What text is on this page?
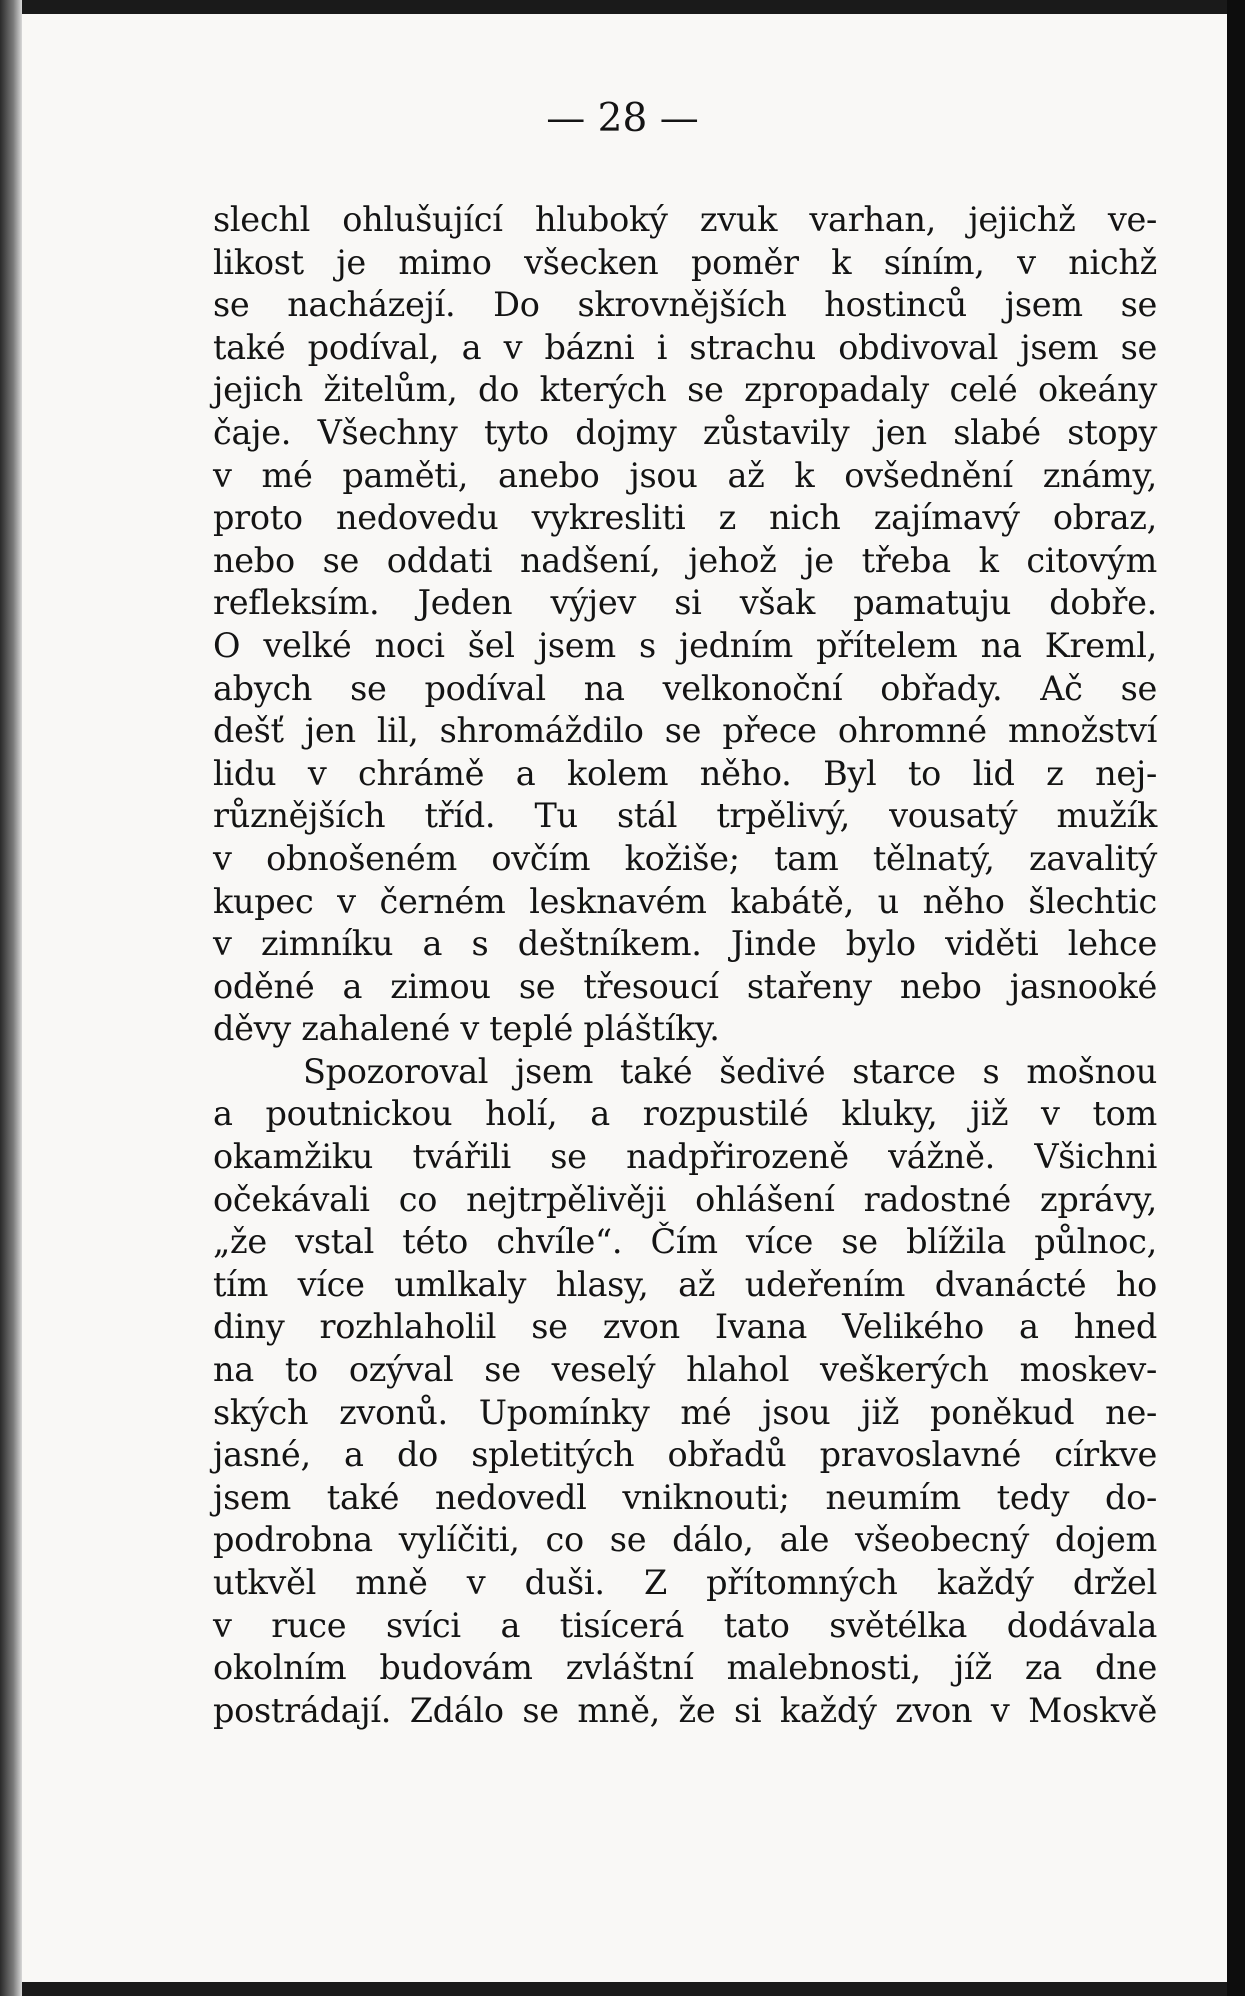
— 28 —
slechl ohlušující hluboký zvuk varhan, jejichž ve-
likost je mimo všecken poměr k síním, v nichž
se nacházejí. Do skrovnějších hostinců jsem se
také podíval, a v bázni i strachu obdivoval jsem se
jejich žitelům, do kterých se zpropadaly celé okeány
čaje. Všechny tyto dojmy zůstavily jen slabé stopy
v mé paměti, anebo jsou až k ovšednění známy,
proto nedovedu vykresliti z nich zajímavý obraz,
nebo se oddati nadšení, jehož je třeba k citovým
refleksím. Jeden výjev si však pamatuju dobře.
O velké noci šel jsem s jedním přítelem na Kreml,
abych se podíval na velkonoční obřady. Ač se
dešť jen lil, shromáždilo se přece ohromné množství
lidu v chrámě a kolem něho. Byl to lid z nej-
různějších tříd. Tu stál trpělivý, vousatý mužík
v obnošeném ovčím kožiše; tam tělnatý, zavalitý
kupec v černém lesknavém kabátě, u něho šlechtic
v zimníku a s deštníkem. Jinde bylo viděti lehce
oděné a zimou se třesoucí stařeny nebo jasnooké
děvy zahalené v teplé pláštíky.
Spozoroval jsem také šedivé starce s mošnou
a poutnickou holí, a rozpustilé kluky, již v tom
okamžiku tvářili se nadpřirozeně vážně. Všichni
očekávali co nejtrpělivěji ohlášení radostné zprávy,
„že vstal této chvíle“. Čím více se blížila půlnoc,
tím více umlkaly hlasy, až udeřením dvanácté ho
diny rozhlaholil se zvon Ivana Velikého a hned
na to ozýval se veselý hlahol veškerých moskev-
ských zvonů. Upomínky mé jsou již poněkud ne-
jasné, a do spletitých obřadů pravoslavné církve
jsem také nedovedl vniknouti; neumím tedy do-
podrobna vylíčiti, co se dálo, ale všeobecný dojem
utkvěl mně v duši. Z přítomných každý držel
v ruce svíci a tisícerá tato světélka dodávala
okolním budovám zvláštní malebnosti, jíž za dne
postrádají. Zdálo se mně, že si každý zvon v Moskvě
